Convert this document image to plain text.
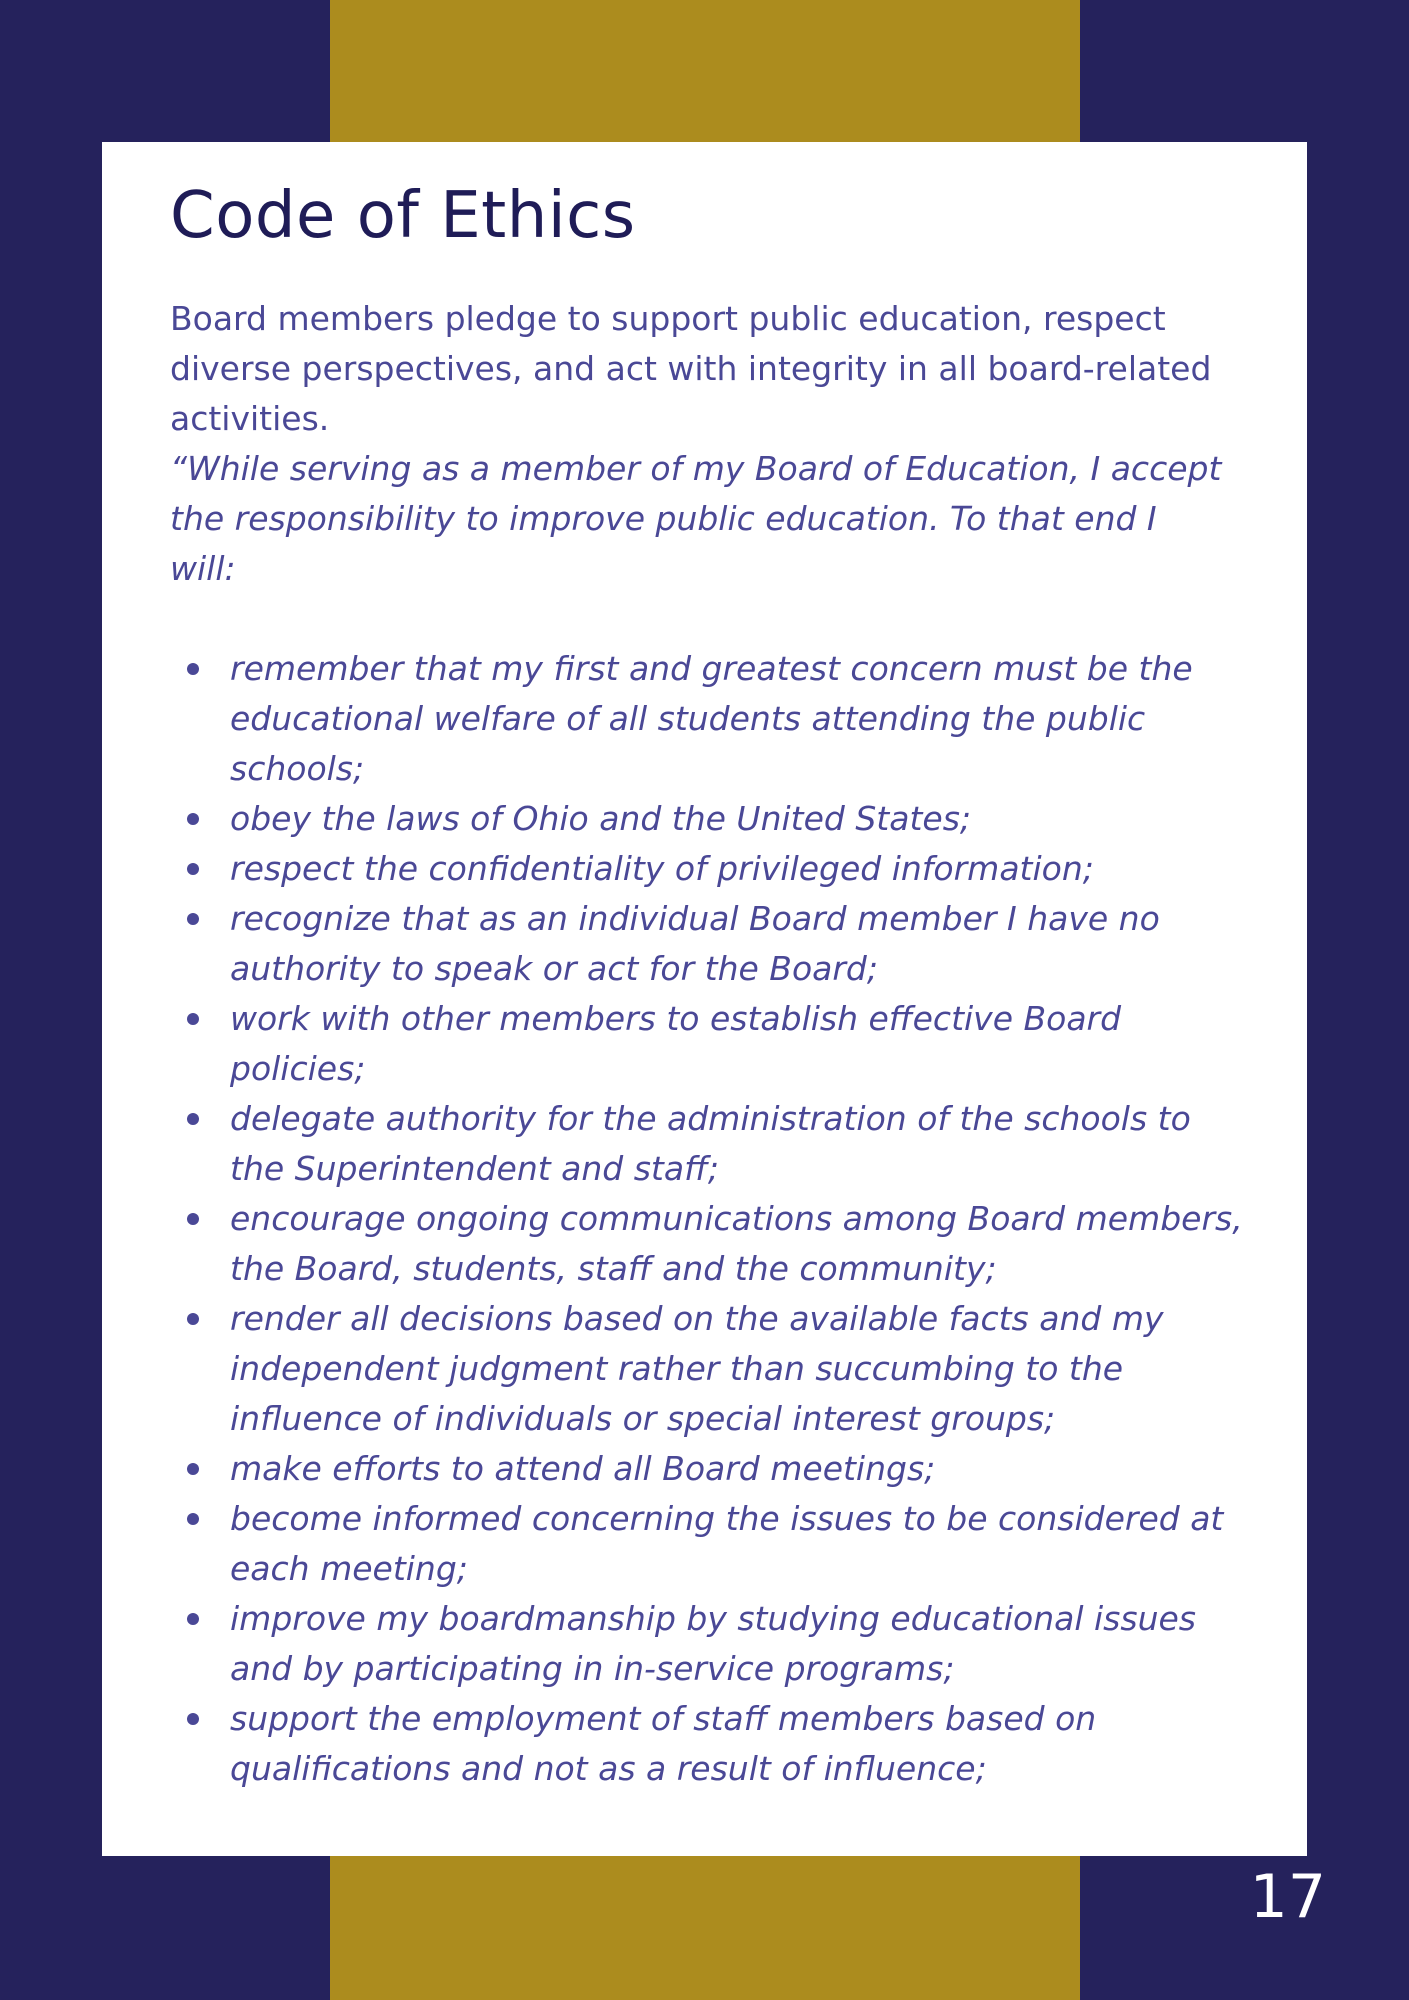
Code of Ethics

Board members pledge to support public education, respect diverse perspectives, and act with integrity in all board-related activities.

“While serving as a member of my Board of Education, I accept the responsibility to improve public education. To that end I will:

remember that my first and greatest concern must be the educational welfare of all students attending the public schools;
obey the laws of Ohio and the United States;
respect the confidentiality of privileged information;
recognize that as an individual Board member I have no authority to speak or act for the Board;
work with other members to establish effective Board policies;
delegate authority for the administration of the schools to the Superintendent and staff;
encourage ongoing communications among Board members, the Board, students, staff and the community;
render all decisions based on the available facts and my independent judgment rather than succumbing to the influence of individuals or special interest groups;
make efforts to attend all Board meetings;
become informed concerning the issues to be considered at each meeting;
improve my boardmanship by studying educational issues and by participating in in-service programs;
support the employment of staff members based on qualifications and not as a result of influence;
17
